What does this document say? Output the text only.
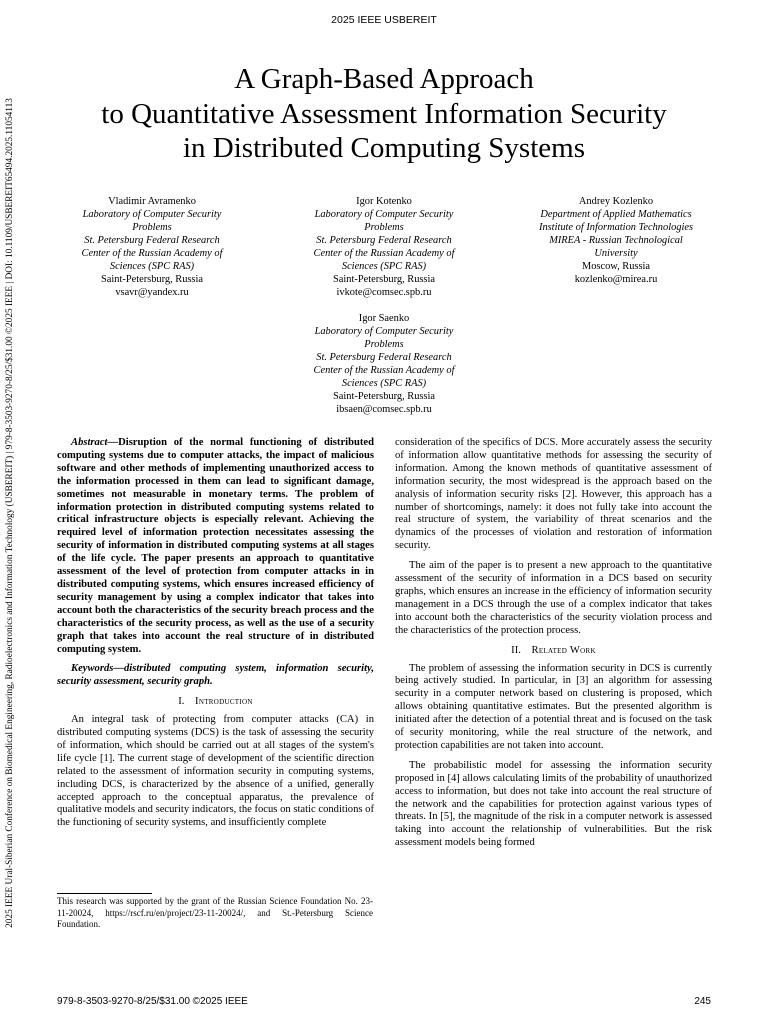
2025 IEEE USBEREIT
2025 IEEE Ural-Siberian Conference on Biomedical Engineering, Radioelectronics and Information Technology (USBEREIT) | 979-8-3503-9270-8/25/$31.00 ©2025 IEEE | DOI: 10.1109/USBEREIT65494.2025.11054113
A Graph-Based Approach
to Quantitative Assessment Information Security
in Distributed Computing Systems
Vladimir Avramenko
Laboratory of Computer Security
Problems
St. Petersburg Federal Research
Center of the Russian Academy of
Sciences (SPC RAS)
Saint-Petersburg, Russia
vsavr@yandex.ru
Igor Kotenko
Laboratory of Computer Security
Problems
St. Petersburg Federal Research
Center of the Russian Academy of
Sciences (SPC RAS)
Saint-Petersburg, Russia
ivkote@comsec.spb.ru
Andrey Kozlenko
Department of Applied Mathematics
Institute of Information Technologies
MIREA - Russian Technological
University
Moscow, Russia
kozlenko@mirea.ru
Igor Saenko
Laboratory of Computer Security
Problems
St. Petersburg Federal Research
Center of the Russian Academy of
Sciences (SPC RAS)
Saint-Petersburg, Russia
ibsaen@comsec.spb.ru

Abstract—Disruption of the normal functioning of distributed computing systems due to computer attacks, the impact of malicious software and other methods of implementing unauthorized access to the information processed in them can lead to significant damage, sometimes not measurable in monetary terms. The problem of information protection in distributed computing systems related to critical infrastructure objects is especially relevant. Achieving the required level of information protection necessitates assessing the security of information in distributed computing systems at all stages of the life cycle. The paper presents an approach to quantitative assessment of the level of protection from computer attacks in in distributed computing systems, which ensures increased efficiency of security management by using a complex indicator that takes into account both the characteristics of the security breach process and the characteristics of the security process, as well as the use of a security graph that takes into account the real structure of in distributed computing system.

Keywords—distributed computing system, information security, security assessment, security graph.

I. Introduction

An integral task of protecting from computer attacks (CA) in distributed computing systems (DCS) is the task of assessing the security of information, which should be carried out at all stages of the system's life cycle [1]. The current stage of development of the scientific direction related to the assessment of information security in computing systems, including DCS, is characterized by the absence of a unified, generally accepted approach to the conceptual apparatus, the prevalence of qualitative models and security indicators, the focus on static conditions of the functioning of security systems, and insufficiently complete

This research was supported by the grant of the Russian Science Foundation No. 23-11-20024, https://rscf.ru/en/project/23-11-20024/, and St.-Petersburg Science Foundation.

consideration of the specifics of DCS. More accurately assess the security of information allow quantitative methods for assessing the security of information. Among the known methods of quantitative assessment of information security, the most widespread is the approach based on the analysis of information security risks [2]. However, this approach has a number of shortcomings, namely: it does not fully take into account the real structure of system, the variability of threat scenarios and the dynamics of the processes of violation and restoration of information security.

The aim of the paper is to present a new approach to the quantitative assessment of the security of information in a DCS based on security graphs, which ensures an increase in the efficiency of information security management in a DCS through the use of a complex indicator that takes into account both the characteristics of the security violation process and the characteristics of the protection process.

II. Related Work

The problem of assessing the information security in DCS is currently being actively studied. In particular, in [3] an algorithm for assessing security in a computer network based on clustering is proposed, which allows obtaining quantitative estimates. But the presented algorithm is initiated after the detection of a potential threat and is focused on the task of security monitoring, while the real structure of the network, and protection capabilities are not taken into account.

The probabilistic model for assessing the information security proposed in [4] allows calculating limits of the probability of unauthorized access to information, but does not take into account the real structure of the network and the capabilities for protection against various types of threats. In [5], the magnitude of the risk in a computer network is assessed taking into account the relationship of vulnerabilities. But the risk assessment models being formed

979-8-3503-9270-8/25/$31.00 ©2025 IEEE	245
